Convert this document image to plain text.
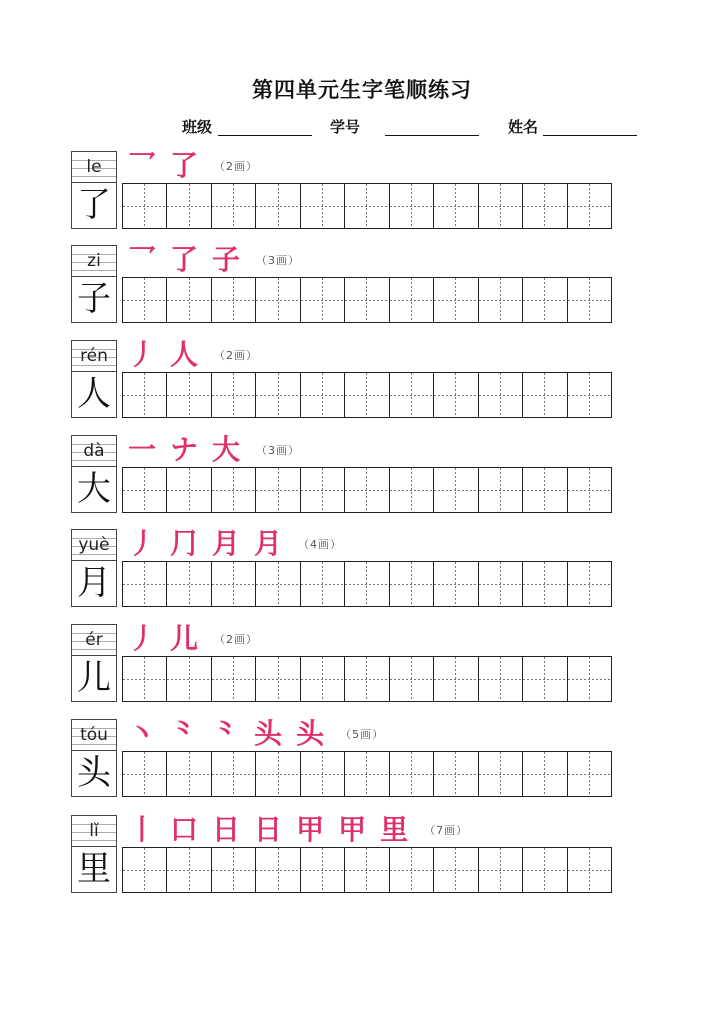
第四单元生字笔顺练习
班级	学号	姓名
le
了
乛 了 （2画）
zi
子
乛 了 子 （3画）
rén
人
丿 人 （2画）
dà
大
一 ナ 大 （3画）
yuè
月
丿 ⺆ 月 月 （4画）
ér
儿
丿 儿 （2画）
tóu
头
丶 ⺀ ⺀ 头 头 （5画）
lǐ
里
丨 口 日 日 甲 甲 里 （7画）
